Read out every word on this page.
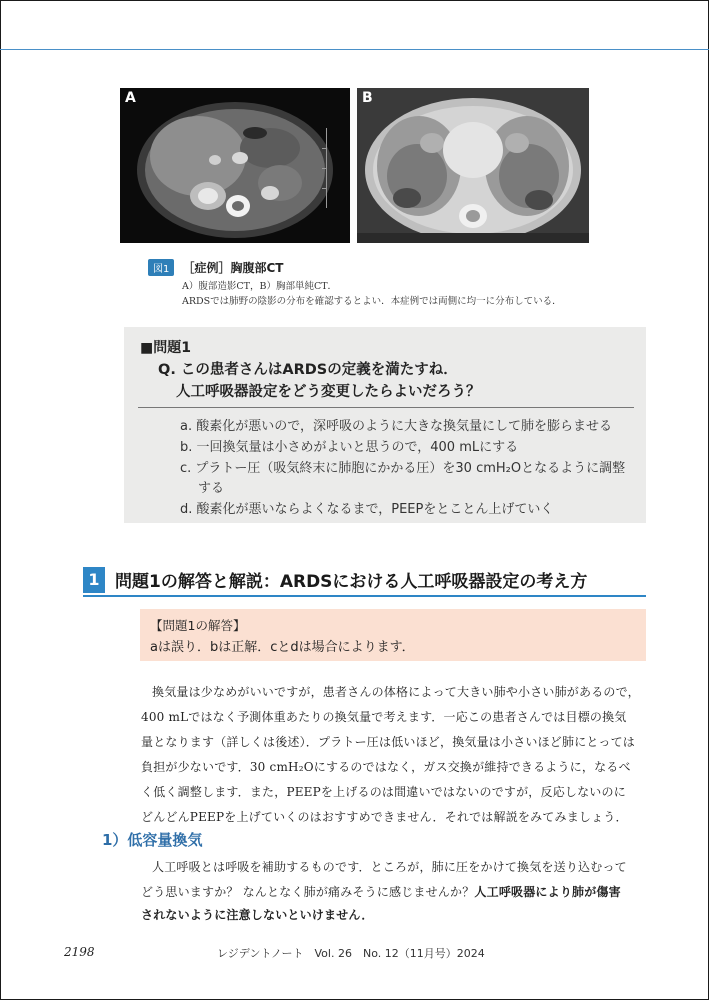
A	B
図1 ［症例］胸腹部CT
A）腹部造影CT，B）胸部単純CT．
ARDSでは肺野の陰影の分布を確認するとよい．本症例では両側に均一に分布している．
■問題1
Q. この患者さんはARDSの定義を満たすね．
人工呼吸器設定をどう変更したらよいだろう？
a. 酸素化が悪いので，深呼吸のように大きな換気量にして肺を膨らませる
b. 一回換気量は小さめがよいと思うので，400 mLにする
c. プラトー圧（吸気終末に肺胞にかかる圧）を30 cmH₂Oとなるように調整
する
d. 酸素化が悪いならよくなるまで，PEEPをとことん上げていく
1 問題1の解答と解説：ARDSにおける人工呼吸器設定の考え方
【問題1の解答】
aは誤り．bは正解．cとdは場合によります．
換気量は少なめがいいですが，患者さんの体格によって大きい肺や小さい肺があるので，
400 mLではなく予測体重あたりの換気量で考えます．一応この患者さんでは目標の換気
量となります（詳しくは後述）．プラトー圧は低いほど，換気量は小さいほど肺にとっては
負担が少ないです．30 cmH₂Oにするのではなく，ガス交換が維持できるように，なるべ
く低く調整します．また，PEEPを上げるのは間違いではないのですが，反応しないのに
どんどんPEEPを上げていくのはおすすめできません．それでは解説をみてみましょう．
1）低容量換気
人工呼吸とは呼吸を補助するものです．ところが，肺に圧をかけて換気を送り込むって
どう思いますか？ なんとなく肺が痛みそうに感じませんか？人工呼吸器により肺が傷害
されないように注意しないといけません．
2198	レジデントノート　Vol. 26　No. 12（11月号）2024
